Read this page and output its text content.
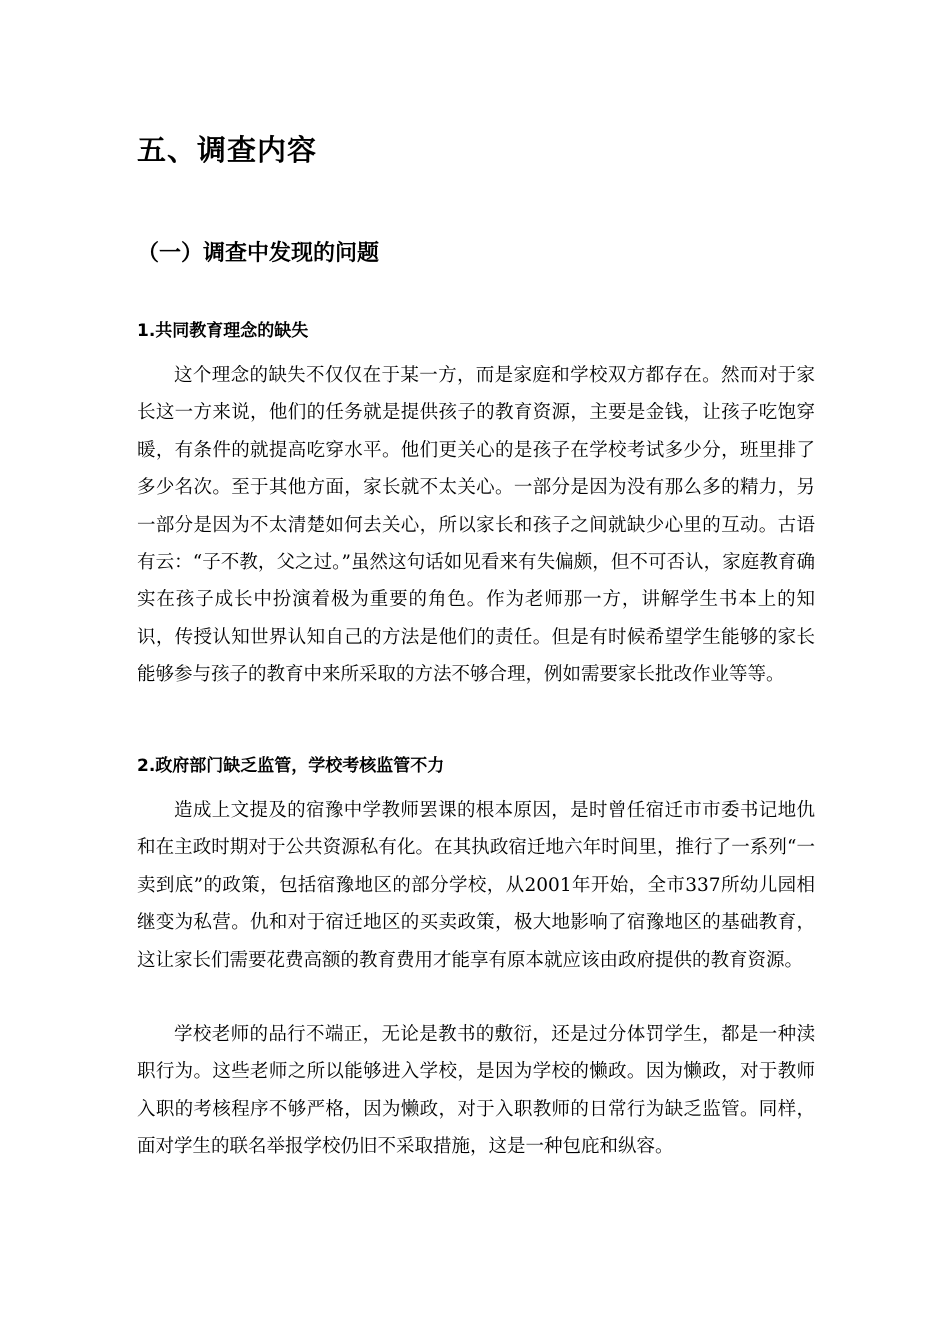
五、调查内容
（一）调查中发现的问题
1.共同教育理念的缺失

这个理念的缺失不仅仅在于某一方，而是家庭和学校双方都存在。然而对于家长这一方来说，他们的任务就是提供孩子的教育资源，主要是金钱，让孩子吃饱穿暖，有条件的就提高吃穿水平。他们更关心的是孩子在学校考试多少分，班里排了多少名次。至于其他方面，家长就不太关心。一部分是因为没有那么多的精力，另一部分是因为不太清楚如何去关心，所以家长和孩子之间就缺少心里的互动。古语有云：“子不教，父之过。”虽然这句话如见看来有失偏颇，但不可否认，家庭教育确实在孩子成长中扮演着极为重要的角色。作为老师那一方，讲解学生书本上的知识，传授认知世界认知自己的方法是他们的责任。但是有时候希望学生能够的家长能够参与孩子的教育中来所采取的方法不够合理，例如需要家长批改作业等等。

2.政府部门缺乏监管，学校考核监管不力

造成上文提及的宿豫中学教师罢课的根本原因，是时曾任宿迁市市委书记地仇和在主政时期对于公共资源私有化。在其执政宿迁地六年时间里，推行了一系列“一卖到底”的政策，包括宿豫地区的部分学校，从2001年开始，全市337所幼儿园相继变为私营。仇和对于宿迁地区的买卖政策，极大地影响了宿豫地区的基础教育，这让家长们需要花费高额的教育费用才能享有原本就应该由政府提供的教育资源。

学校老师的品行不端正，无论是教书的敷衍，还是过分体罚学生，都是一种渎职行为。这些老师之所以能够进入学校，是因为学校的懒政。因为懒政，对于教师入职的考核程序不够严格，因为懒政，对于入职教师的日常行为缺乏监管。同样，面对学生的联名举报学校仍旧不采取措施，这是一种包庇和纵容。
